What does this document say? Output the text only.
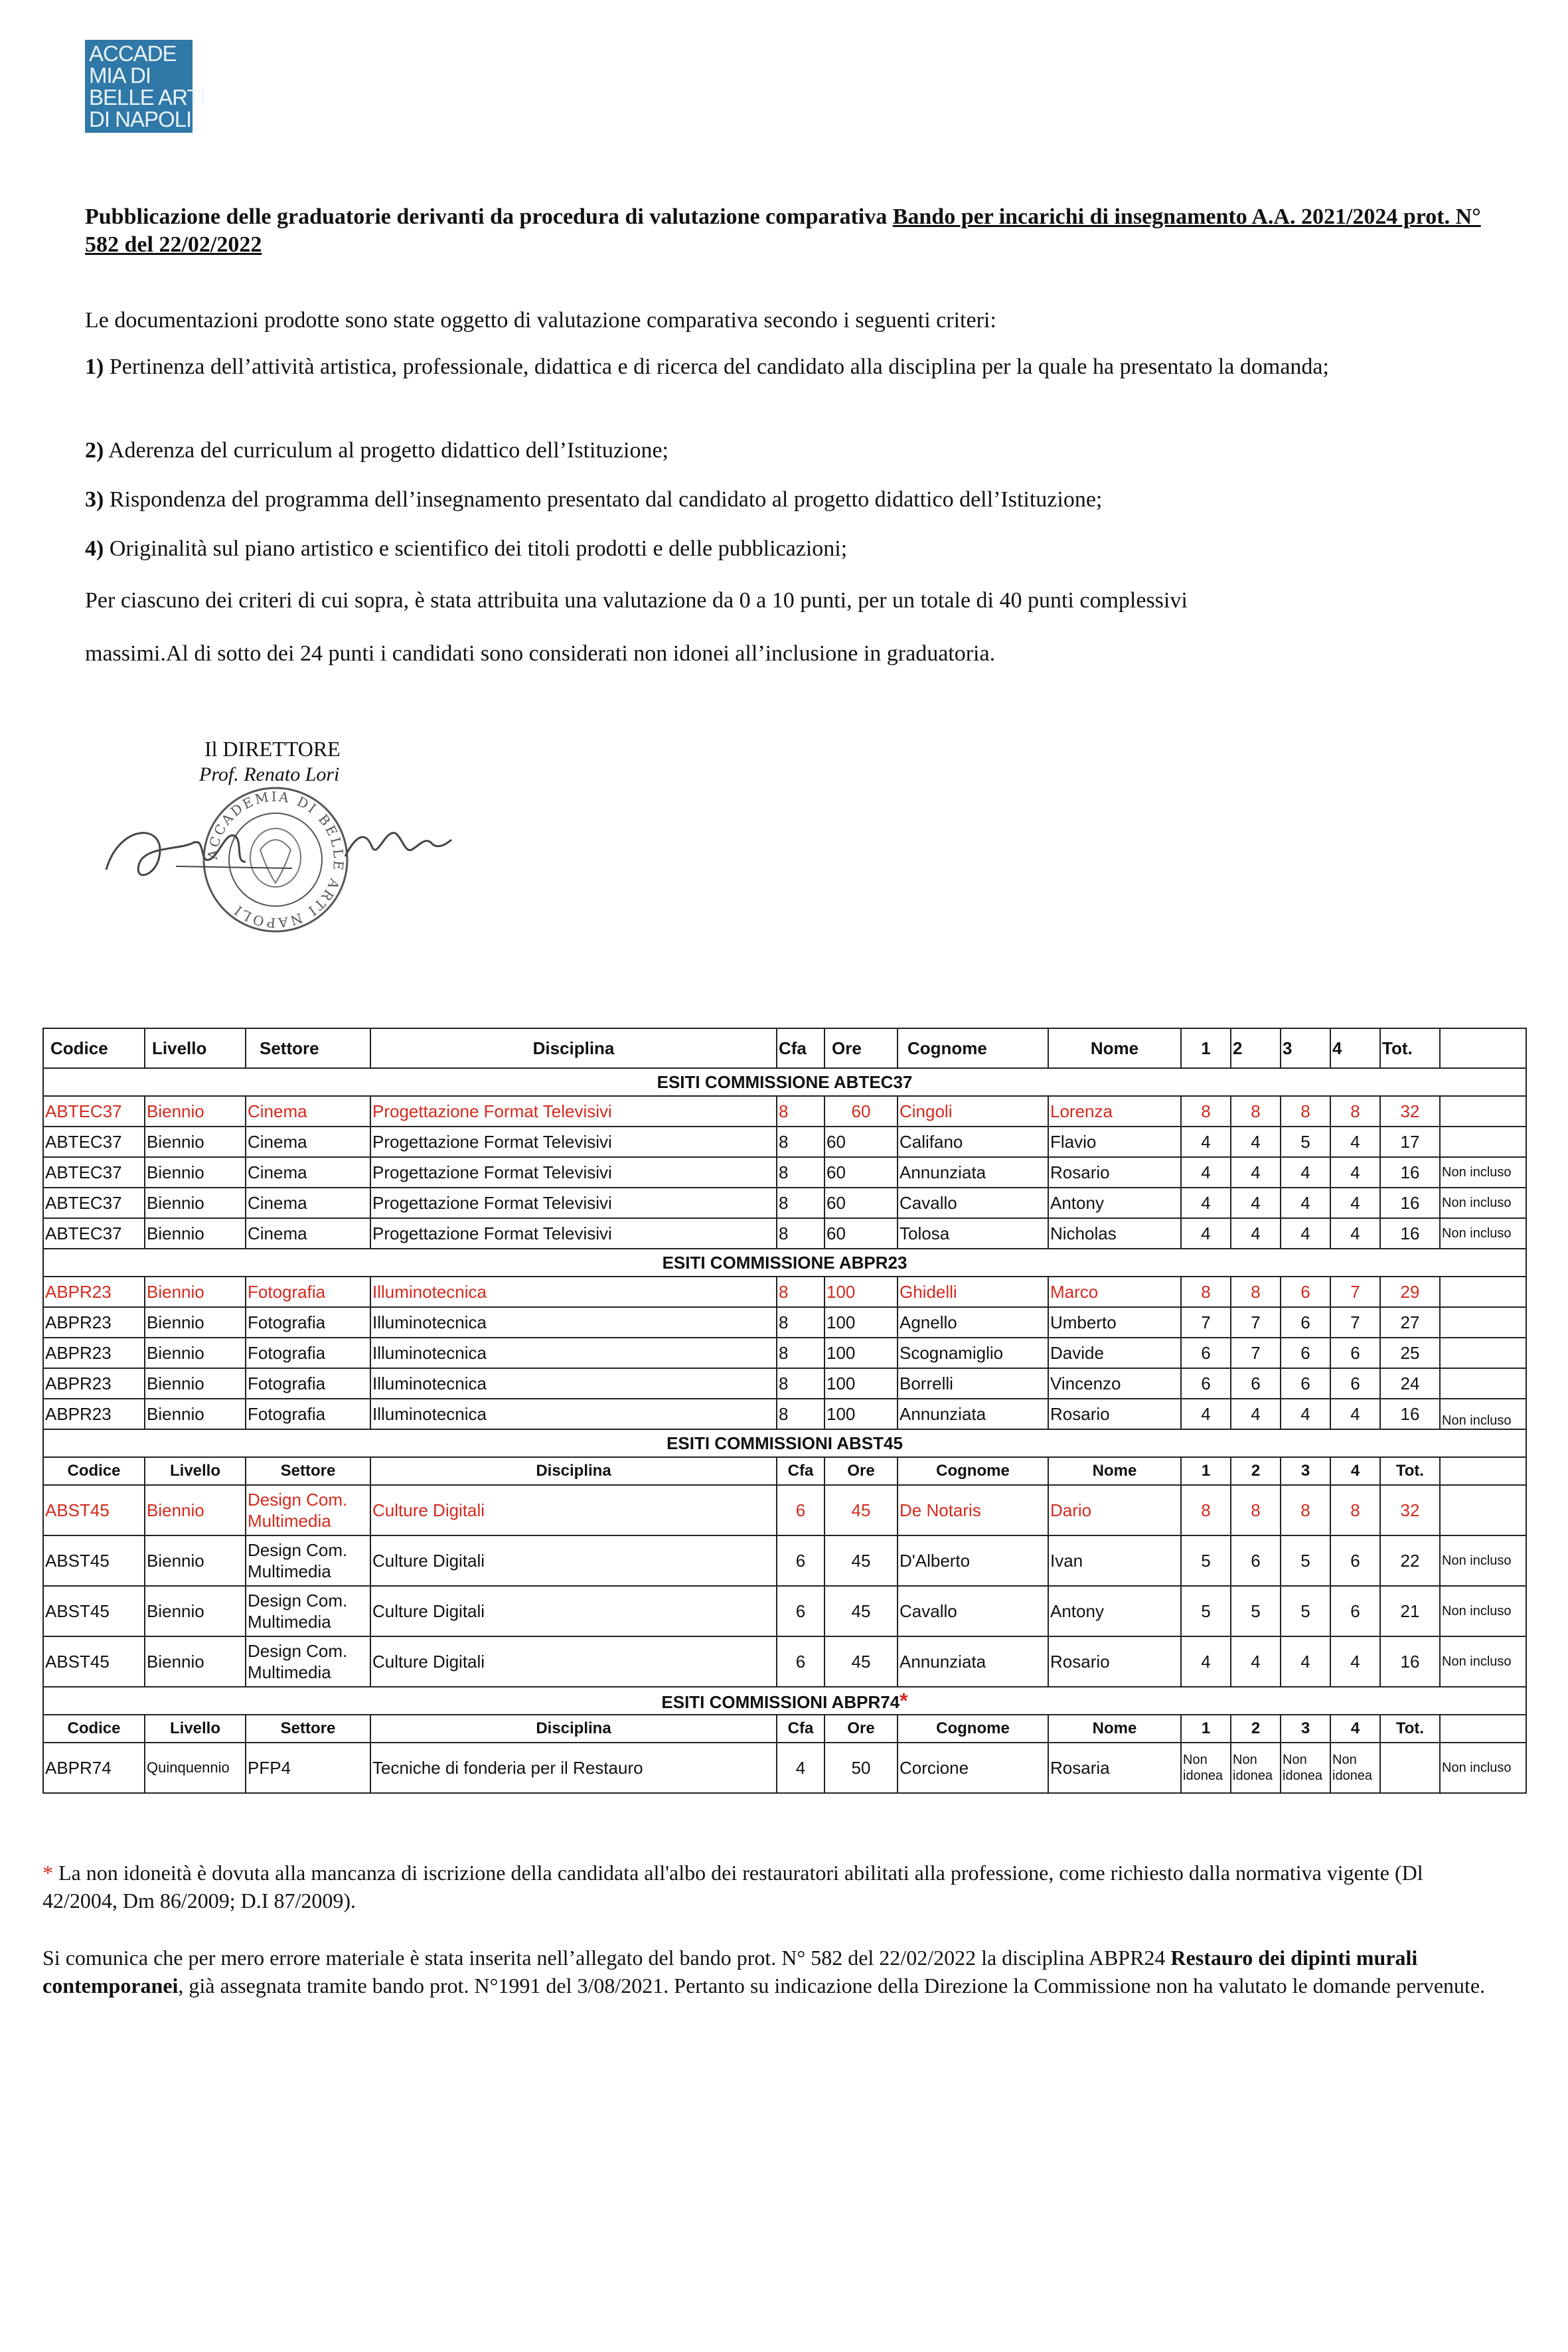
ACCADE
MIA DI
BELLE ARTI
DI NAPOLI
Pubblicazione delle graduatorie derivanti da procedura di valutazione comparativa Bando per incarichi di insegnamento A.A. 2021/2024 prot. N° 582 del 22/02/2022
Le documentazioni prodotte sono state oggetto di valutazione comparativa secondo i seguenti criteri:
1) Pertinenza dell’attività artistica, professionale, didattica e di ricerca del candidato alla disciplina per la quale ha presentato la domanda;
2) Aderenza del curriculum al progetto didattico dell’Istituzione;
3) Rispondenza del programma dell’insegnamento presentato dal candidato al progetto didattico dell’Istituzione;
4) Originalità sul piano artistico e scientifico dei titoli prodotti e delle pubblicazioni;
Per ciascuno dei criteri di cui sopra, è stata attribuita una valutazione da 0 a 10 punti, per un totale di 40 punti complessivi
massimi.Al di sotto dei 24 punti i candidati sono considerati non idonei all’inclusione in graduatoria.
Il DIRETTORE
Prof. Renato Lori
ACCADEMIA DI BELLE ARTI NAPOLI
Codice	Livello	Settore	Disciplina	Cfa	Ore	Cognome	Nome	1	2	3	4	Tot.	
ESITI COMMISSIONE ABTEC37													
ABTEC37	Biennio	Cinema	Progettazione Format Televisivi	8	60	Cingoli	Lorenza	8	8	8	8	32	
ABTEC37	Biennio	Cinema	Progettazione Format Televisivi	8	60	Califano	Flavio	4	4	5	4	17	
ABTEC37	Biennio	Cinema	Progettazione Format Televisivi	8	60	Annunziata	Rosario	4	4	4	4	16	Non incluso
ABTEC37	Biennio	Cinema	Progettazione Format Televisivi	8	60	Cavallo	Antony	4	4	4	4	16	Non incluso
ABTEC37	Biennio	Cinema	Progettazione Format Televisivi	8	60	Tolosa	Nicholas	4	4	4	4	16	Non incluso
ESITI COMMISSIONE ABPR23													
ABPR23	Biennio	Fotografia	Illuminotecnica	8	100	Ghidelli	Marco	8	8	6	7	29	
ABPR23	Biennio	Fotografia	Illuminotecnica	8	100	Agnello	Umberto	7	7	6	7	27	
ABPR23	Biennio	Fotografia	Illuminotecnica	8	100	Scognamiglio	Davide	6	7	6	6	25	
ABPR23	Biennio	Fotografia	Illuminotecnica	8	100	Borrelli	Vincenzo	6	6	6	6	24	
ABPR23	Biennio	Fotografia	Illuminotecnica	8	100	Annunziata	Rosario	4	4	4	4	16	Non incluso
ESITI COMMISSIONI ABST45													
Codice	Livello	Settore	Disciplina	Cfa	Ore	Cognome	Nome	1	2	3	4	Tot.	
ABST45	Biennio	Design Com. Multimedia	Culture Digitali	6	45	De Notaris	Dario	8	8	8	8	32	
ABST45	Biennio	Design Com. Multimedia	Culture Digitali	6	45	D'Alberto	Ivan	5	6	5	6	22	Non incluso
ABST45	Biennio	Design Com. Multimedia	Culture Digitali	6	45	Cavallo	Antony	5	5	5	6	21	Non incluso
ABST45	Biennio	Design Com. Multimedia	Culture Digitali	6	45	Annunziata	Rosario	4	4	4	4	16	Non incluso
ESITI COMMISSIONI ABPR74*													
Codice	Livello	Settore	Disciplina	Cfa	Ore	Cognome	Nome	1	2	3	4	Tot.	
ABPR74	Quinquennio	PFP4	Tecniche di fonderia per il Restauro	4	50	Corcione	Rosaria	Non idonea	Non idonea	Non idonea	Non idonea		Non incluso
* La non idoneità è dovuta alla mancanza di iscrizione della candidata all'albo dei restauratori abilitati alla professione, come richiesto dalla normativa vigente (Dl 42/2004, Dm 86/2009; D.I 87/2009).
Si comunica che per mero errore materiale è stata inserita nell’allegato del bando prot. N° 582 del 22/02/2022 la disciplina ABPR24 Restauro dei dipinti murali contemporanei, già assegnata tramite bando prot. N°1991 del 3/08/2021. Pertanto su indicazione della Direzione la Commissione non ha valutato le domande pervenute.
